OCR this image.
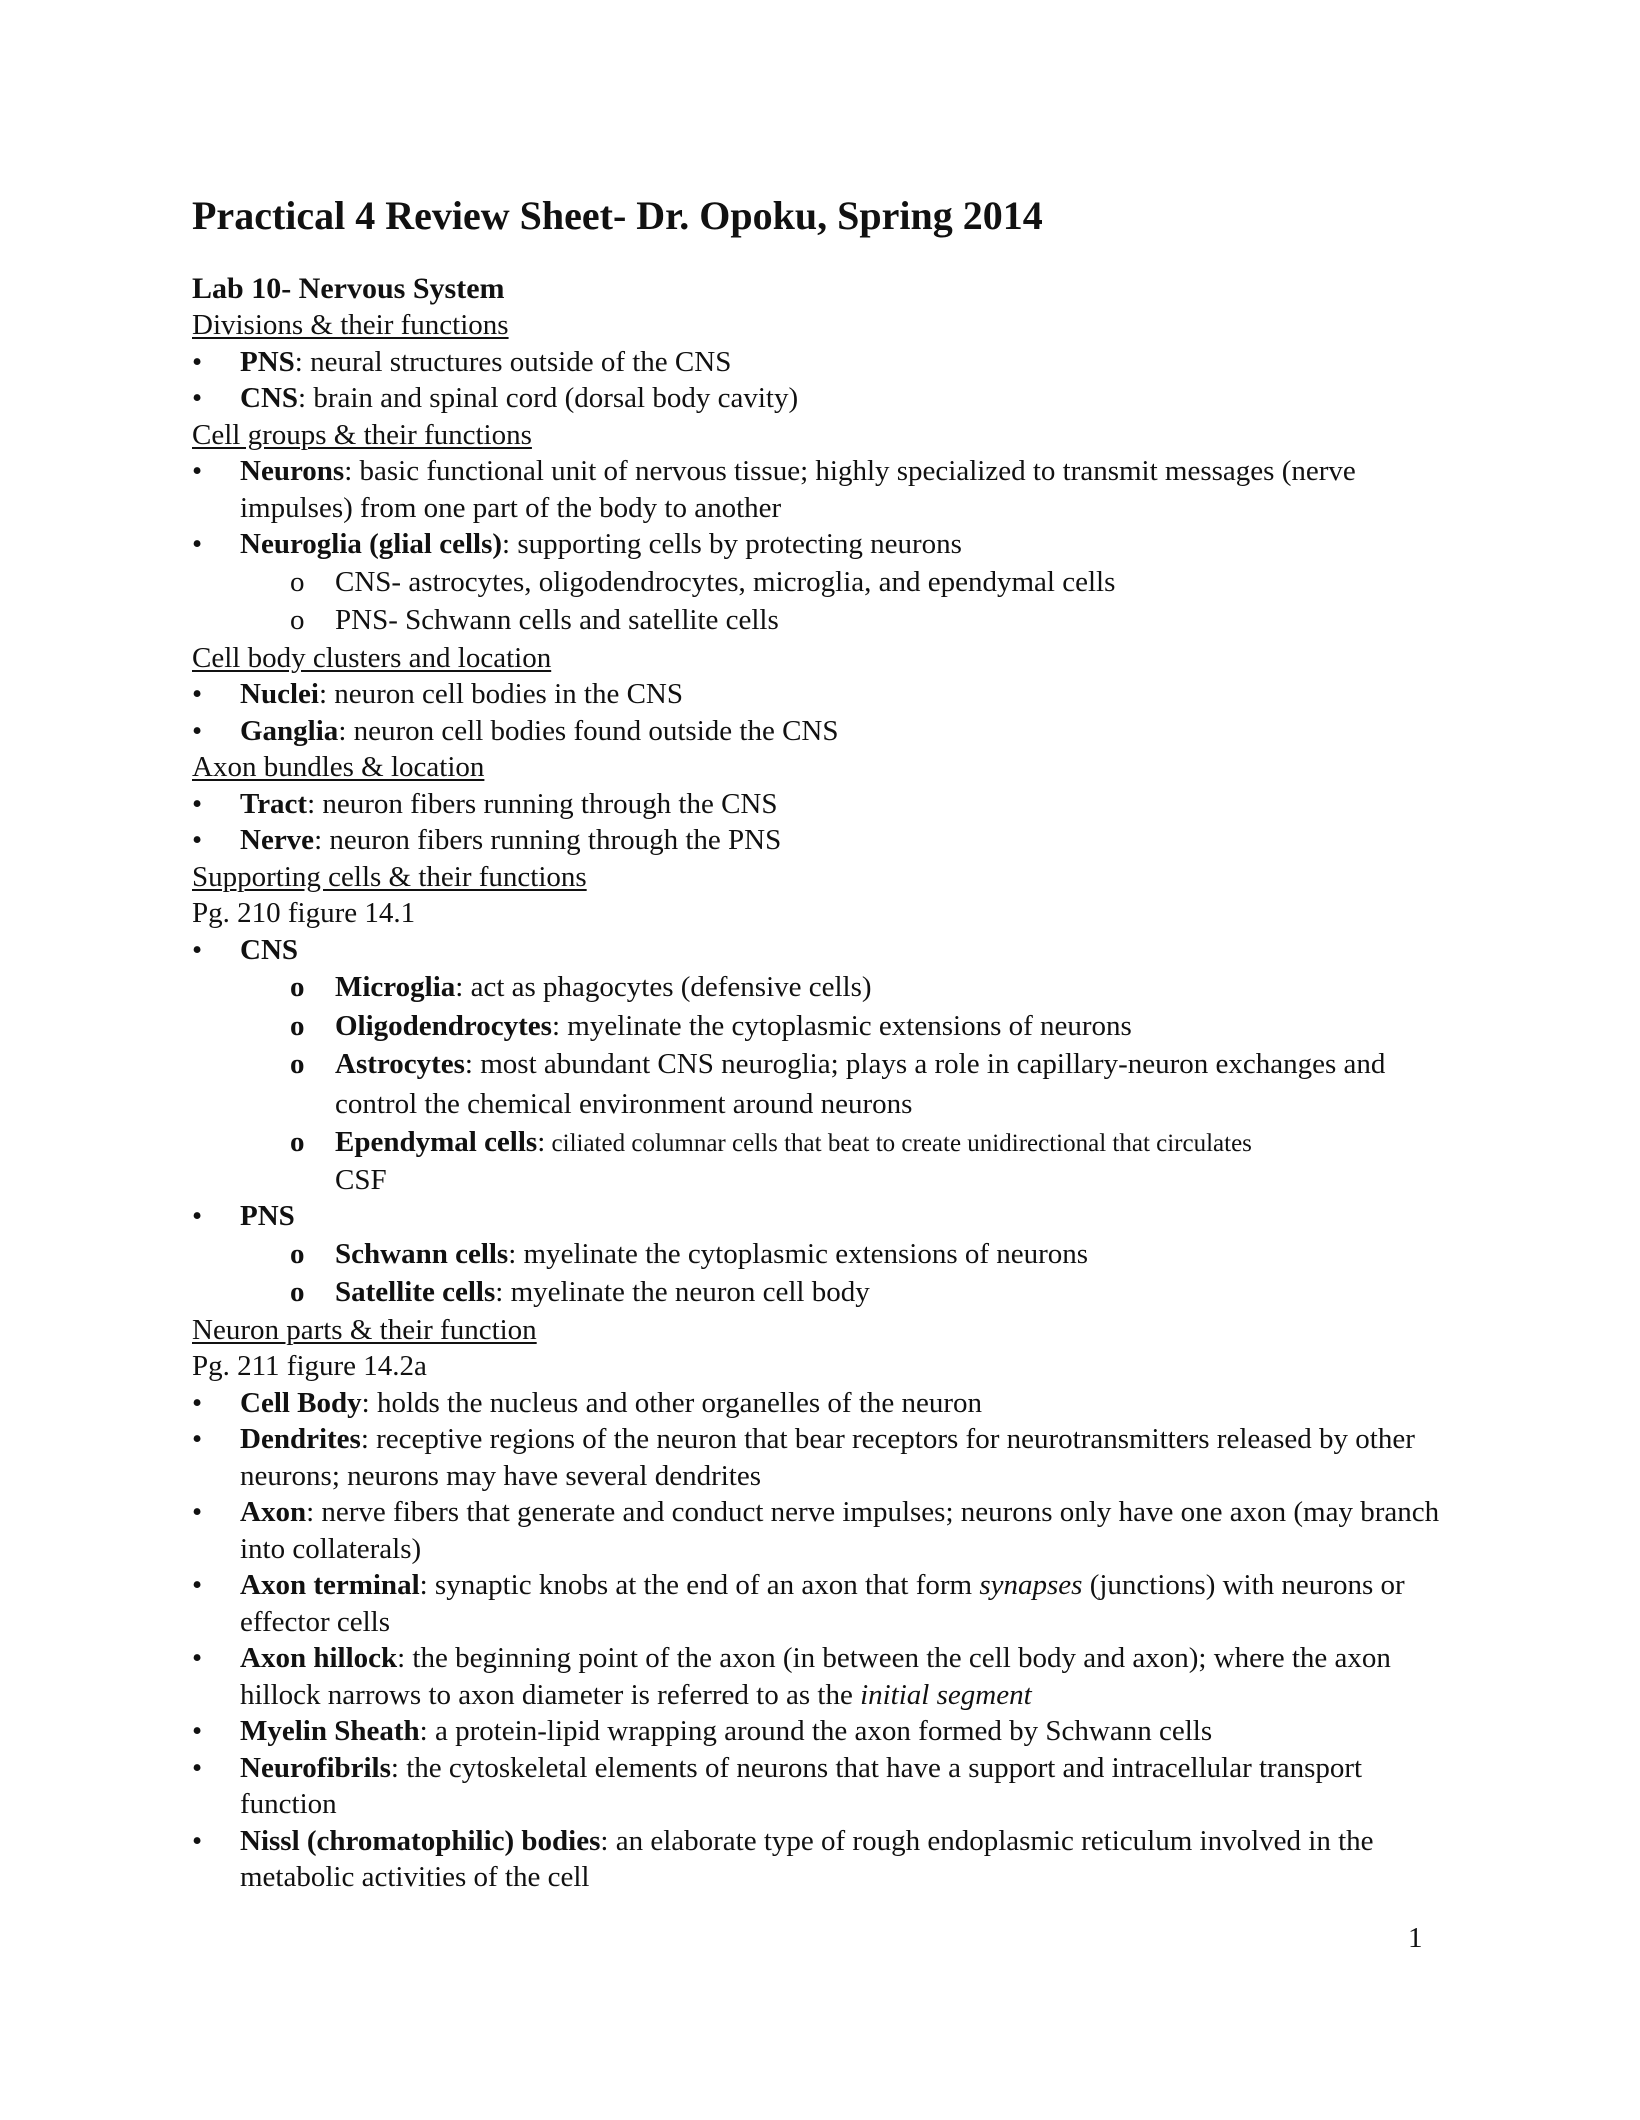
Practical 4 Review Sheet- Dr. Opoku, Spring 2014
Lab 10- Nervous System
Divisions & their functions
• PNS: neural structures outside of the CNS
• CNS: brain and spinal cord (dorsal body cavity)
Cell groups & their functions
• Neurons: basic functional unit of nervous tissue; highly specialized to transmit messages (nerve impulses) from one part of the body to another
• Neuroglia (glial cells): supporting cells by protecting neurons
o CNS- astrocytes, oligodendrocytes, microglia, and ependymal cells
o PNS- Schwann cells and satellite cells
Cell body clusters and location
• Nuclei: neuron cell bodies in the CNS
• Ganglia: neuron cell bodies found outside the CNS
Axon bundles & location
• Tract: neuron fibers running through the CNS
• Nerve: neuron fibers running through the PNS
Supporting cells & their functions
Pg. 210 figure 14.1
• CNS
o Microglia: act as phagocytes (defensive cells)
o Oligodendrocytes: myelinate the cytoplasmic extensions of neurons
o Astrocytes: most abundant CNS neuroglia; plays a role in capillary-neuron exchanges and control the chemical environment around neurons
o Ependymal cells: ciliated columnar cells that beat to create unidirectional that circulates
CSF
• PNS
o Schwann cells: myelinate the cytoplasmic extensions of neurons
o Satellite cells: myelinate the neuron cell body
Neuron parts & their function
Pg. 211 figure 14.2a
• Cell Body: holds the nucleus and other organelles of the neuron
• Dendrites: receptive regions of the neuron that bear receptors for neurotransmitters released by other neurons; neurons may have several dendrites
• Axon: nerve fibers that generate and conduct nerve impulses; neurons only have one axon (may branch into collaterals)
• Axon terminal: synaptic knobs at the end of an axon that form synapses (junctions) with neurons or effector cells
• Axon hillock: the beginning point of the axon (in between the cell body and axon); where the axon hillock narrows to axon diameter is referred to as the initial segment
• Myelin Sheath: a protein-lipid wrapping around the axon formed by Schwann cells
• Neurofibrils: the cytoskeletal elements of neurons that have a support and intracellular transport function
• Nissl (chromatophilic) bodies: an elaborate type of rough endoplasmic reticulum involved in the metabolic activities of the cell
1
